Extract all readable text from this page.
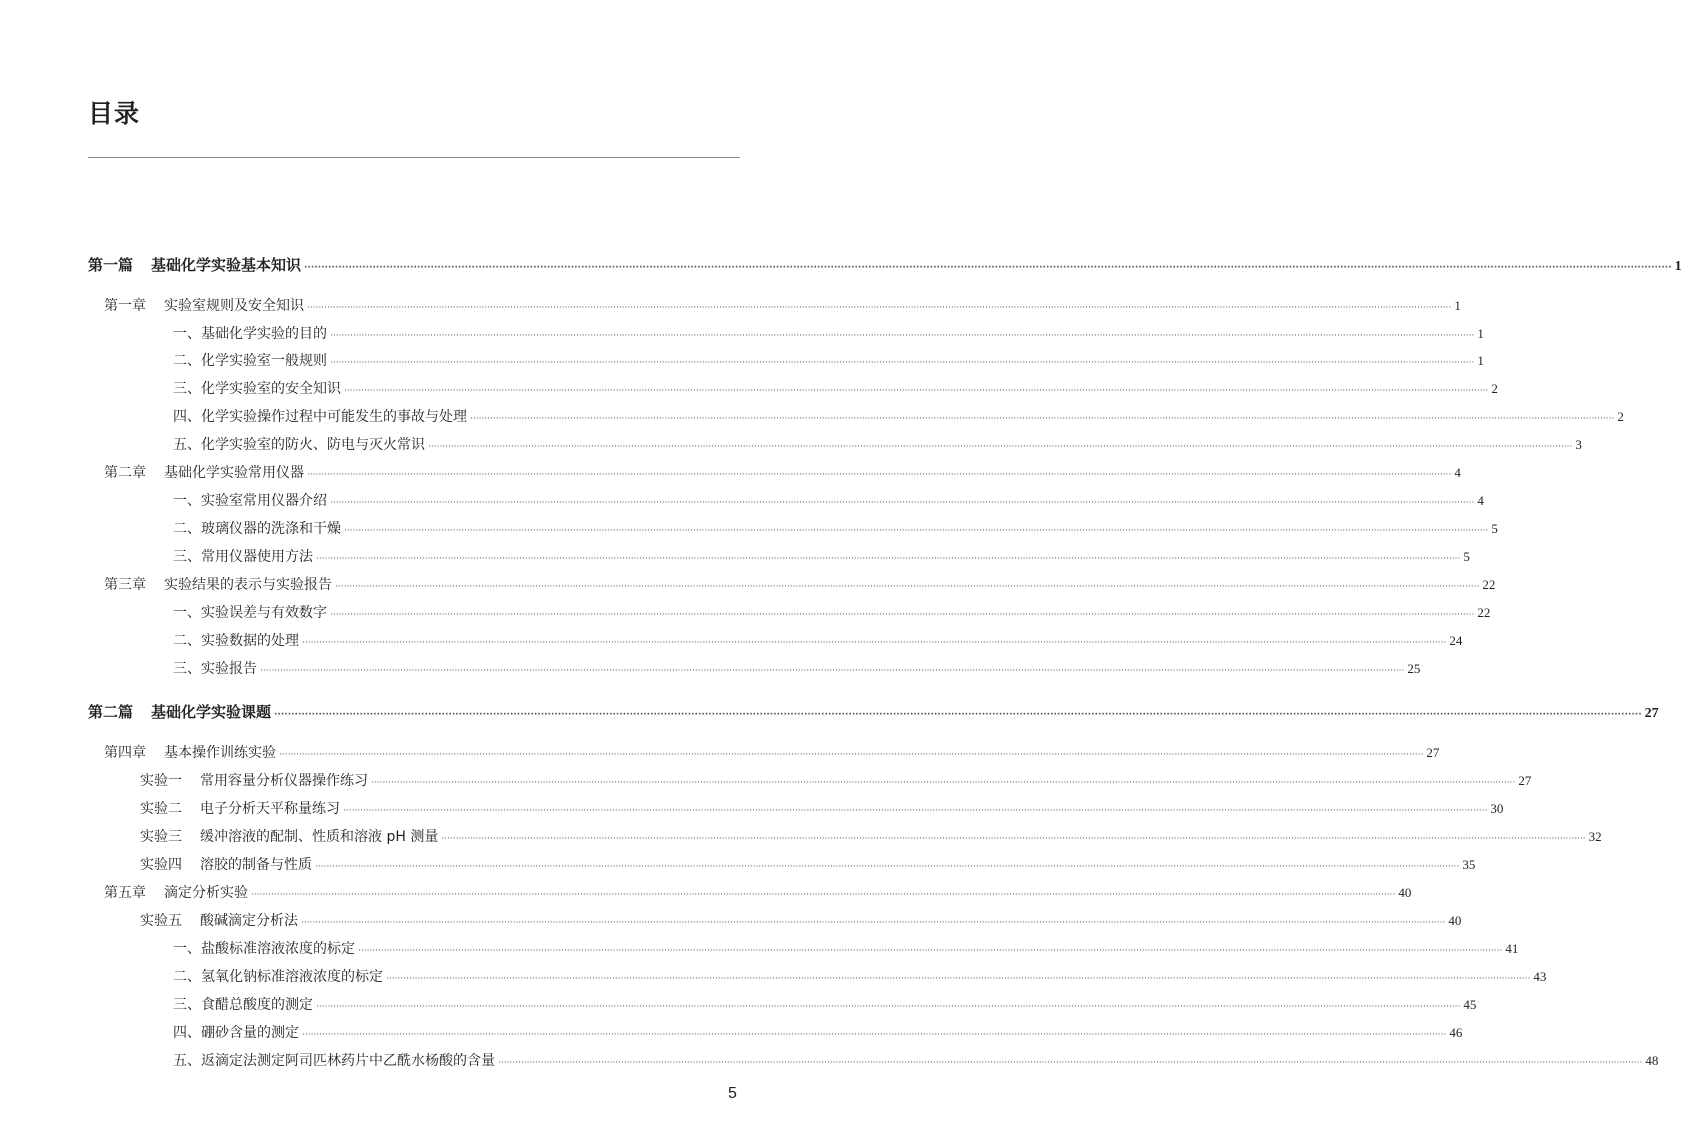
目录
第一篇 基础化学实验基本知识 ················································································································································································································································································································································································································ 1
第一章 实验室规则及安全知识 ················································································································································································································································································································································································································ 1
一、基础化学实验的目的 ················································································································································································································································································································································································································ 1
二、化学实验室一般规则 ················································································································································································································································································································································································································ 1
三、化学实验室的安全知识 ················································································································································································································································································································································································································ 2
四、化学实验操作过程中可能发生的事故与处理 ················································································································································································································································································································································································································ 2
五、化学实验室的防火、防电与灭火常识 ················································································································································································································································································································································································································ 3
第二章 基础化学实验常用仪器 ················································································································································································································································································································································································································ 4
一、实验室常用仪器介绍 ················································································································································································································································································································································································································ 4
二、玻璃仪器的洗涤和干燥 ················································································································································································································································································································································································································ 5
三、常用仪器使用方法 ················································································································································································································································································································································································································ 5
第三章 实验结果的表示与实验报告 ················································································································································································································································································································································································································ 22
一、实验误差与有效数字 ················································································································································································································································································································································································································ 22
二、实验数据的处理 ················································································································································································································································································································································································································ 24
三、实验报告 ················································································································································································································································································································································································································ 25
第二篇 基础化学实验课题 ················································································································································································································································································································································································································ 27
第四章 基本操作训练实验 ················································································································································································································································································································································································································ 27
实验一 常用容量分析仪器操作练习 ················································································································································································································································································································································································································ 27
实验二 电子分析天平称量练习 ················································································································································································································································································································································································································ 30
实验三 缓冲溶液的配制、性质和溶液 pH 测量 ················································································································································································································································································································································································································ 32
实验四 溶胶的制备与性质 ················································································································································································································································································································································································································ 35
第五章 滴定分析实验 ················································································································································································································································································································································································································ 40
实验五 酸碱滴定分析法 ················································································································································································································································································································································································································ 40
一、盐酸标准溶液浓度的标定 ················································································································································································································································································································································································································ 41
二、氢氧化钠标准溶液浓度的标定 ················································································································································································································································································································································································································ 43
三、食醋总酸度的测定 ················································································································································································································································································································································································································ 45
四、硼砂含量的测定 ················································································································································································································································································································································································································ 46
五、返滴定法测定阿司匹林药片中乙酰水杨酸的含量 ················································································································································································································································································································································································································ 48
5
